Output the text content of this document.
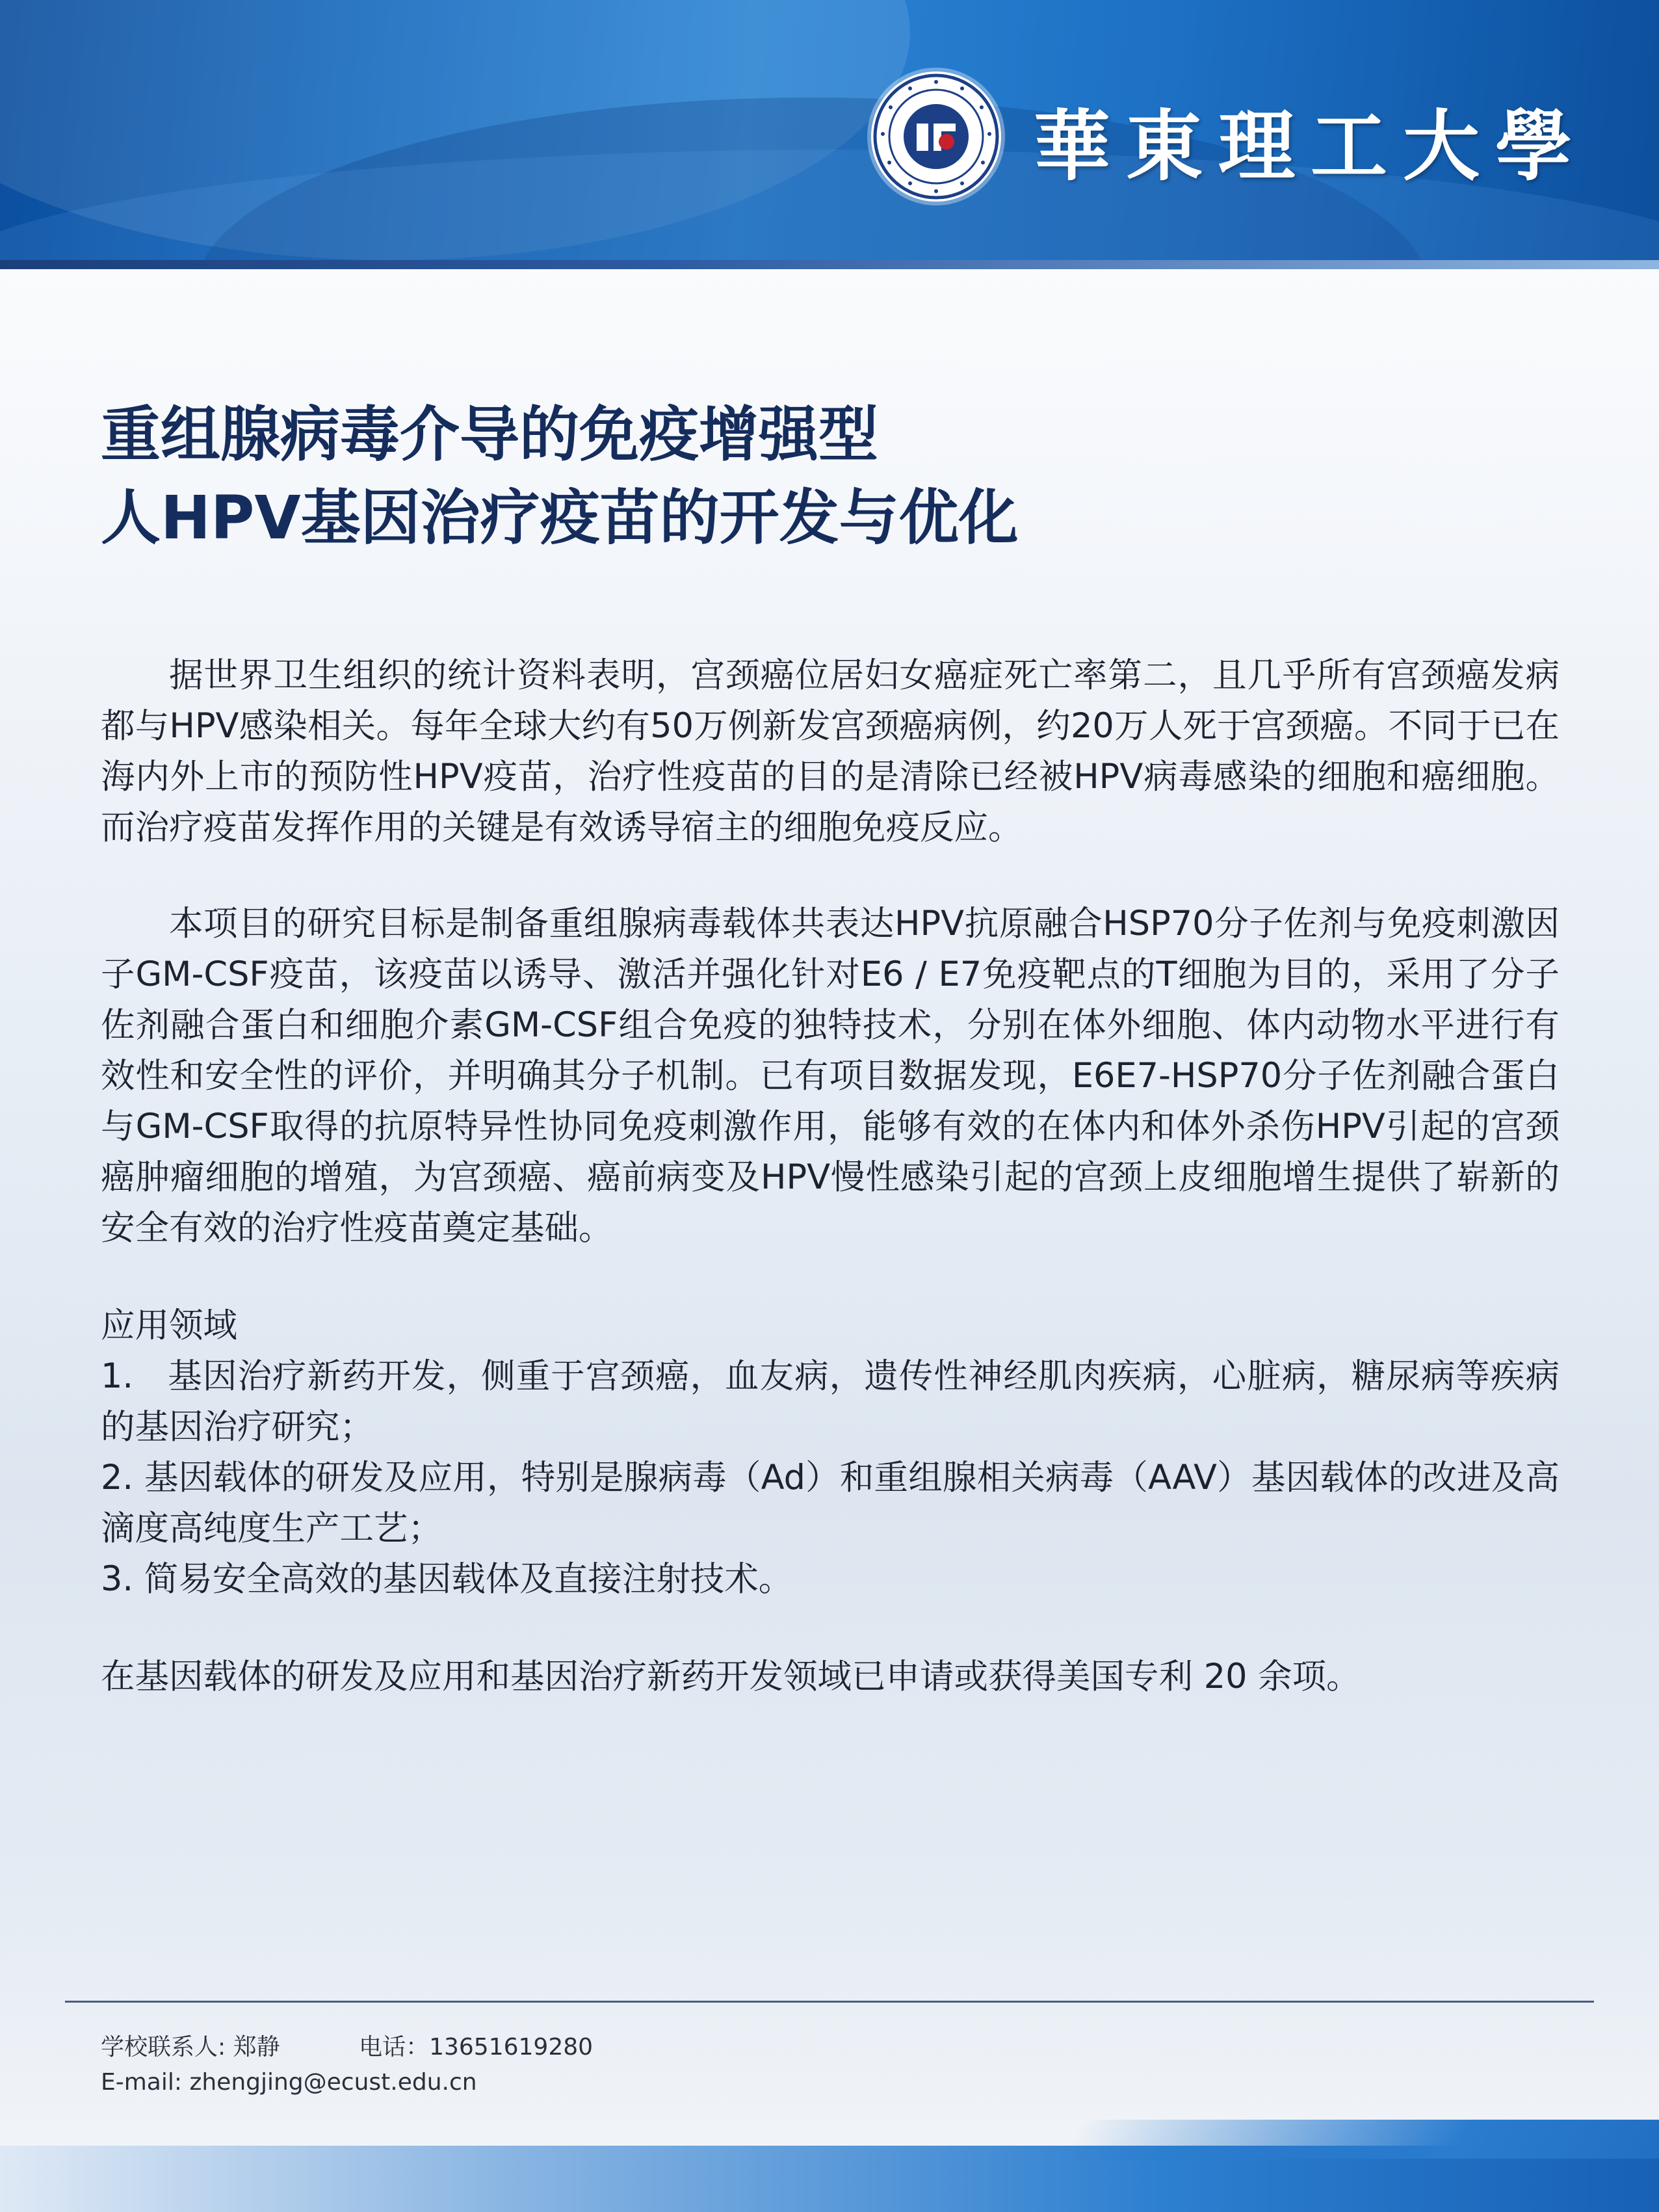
華東理工大學
重组腺病毒介导的免疫增强型
人HPV基因治疗疫苗的开发与优化

据世界卫生组织的统计资料表明，宫颈癌位居妇女癌症死亡率第二，且几乎所有宫颈癌发病都与HPV感染相关。每年全球大约有50万例新发宫颈癌病例，约20万人死于宫颈癌。不同于已在海内外上市的预防性HPV疫苗，治疗性疫苗的目的是清除已经被HPV病毒感染的细胞和癌细胞。而治疗疫苗发挥作用的关键是有效诱导宿主的细胞免疫反应。

本项目的研究目标是制备重组腺病毒载体共表达HPV抗原融合HSP70分子佐剂与免疫刺激因子GM-CSF疫苗，该疫苗以诱导、激活并强化针对E6 / E7免疫靶点的T细胞为目的，采用了分子佐剂融合蛋白和细胞介素GM-CSF组合免疫的独特技术，分别在体外细胞、体内动物水平进行有效性和安全性的评价，并明确其分子机制。已有项目数据发现，E6E7-HSP70分子佐剂融合蛋白与GM-CSF取得的抗原特异性协同免疫刺激作用，能够有效的在体内和体外杀伤HPV引起的宫颈癌肿瘤细胞的增殖，为宫颈癌、癌前病变及HPV慢性感染引起的宫颈上皮细胞增生提供了崭新的安全有效的治疗性疫苗奠定基础。

应用领域

1.   基因治疗新药开发，侧重于宫颈癌，血友病，遗传性神经肌肉疾病，心脏病，糖尿病等疾病的基因治疗研究；
2. 基因载体的研发及应用，特别是腺病毒（Ad）和重组腺相关病毒（AAV）基因载体的改进及高滴度高纯度生产工艺；
3. 简易安全高效的基因载体及直接注射技术。

在基因载体的研发及应用和基因治疗新药开发领域已申请或获得美国专利 20 余项。

学校联系人: 郑静	电话：13651619280
E-mail: zhengjing@ecust.edu.cn
